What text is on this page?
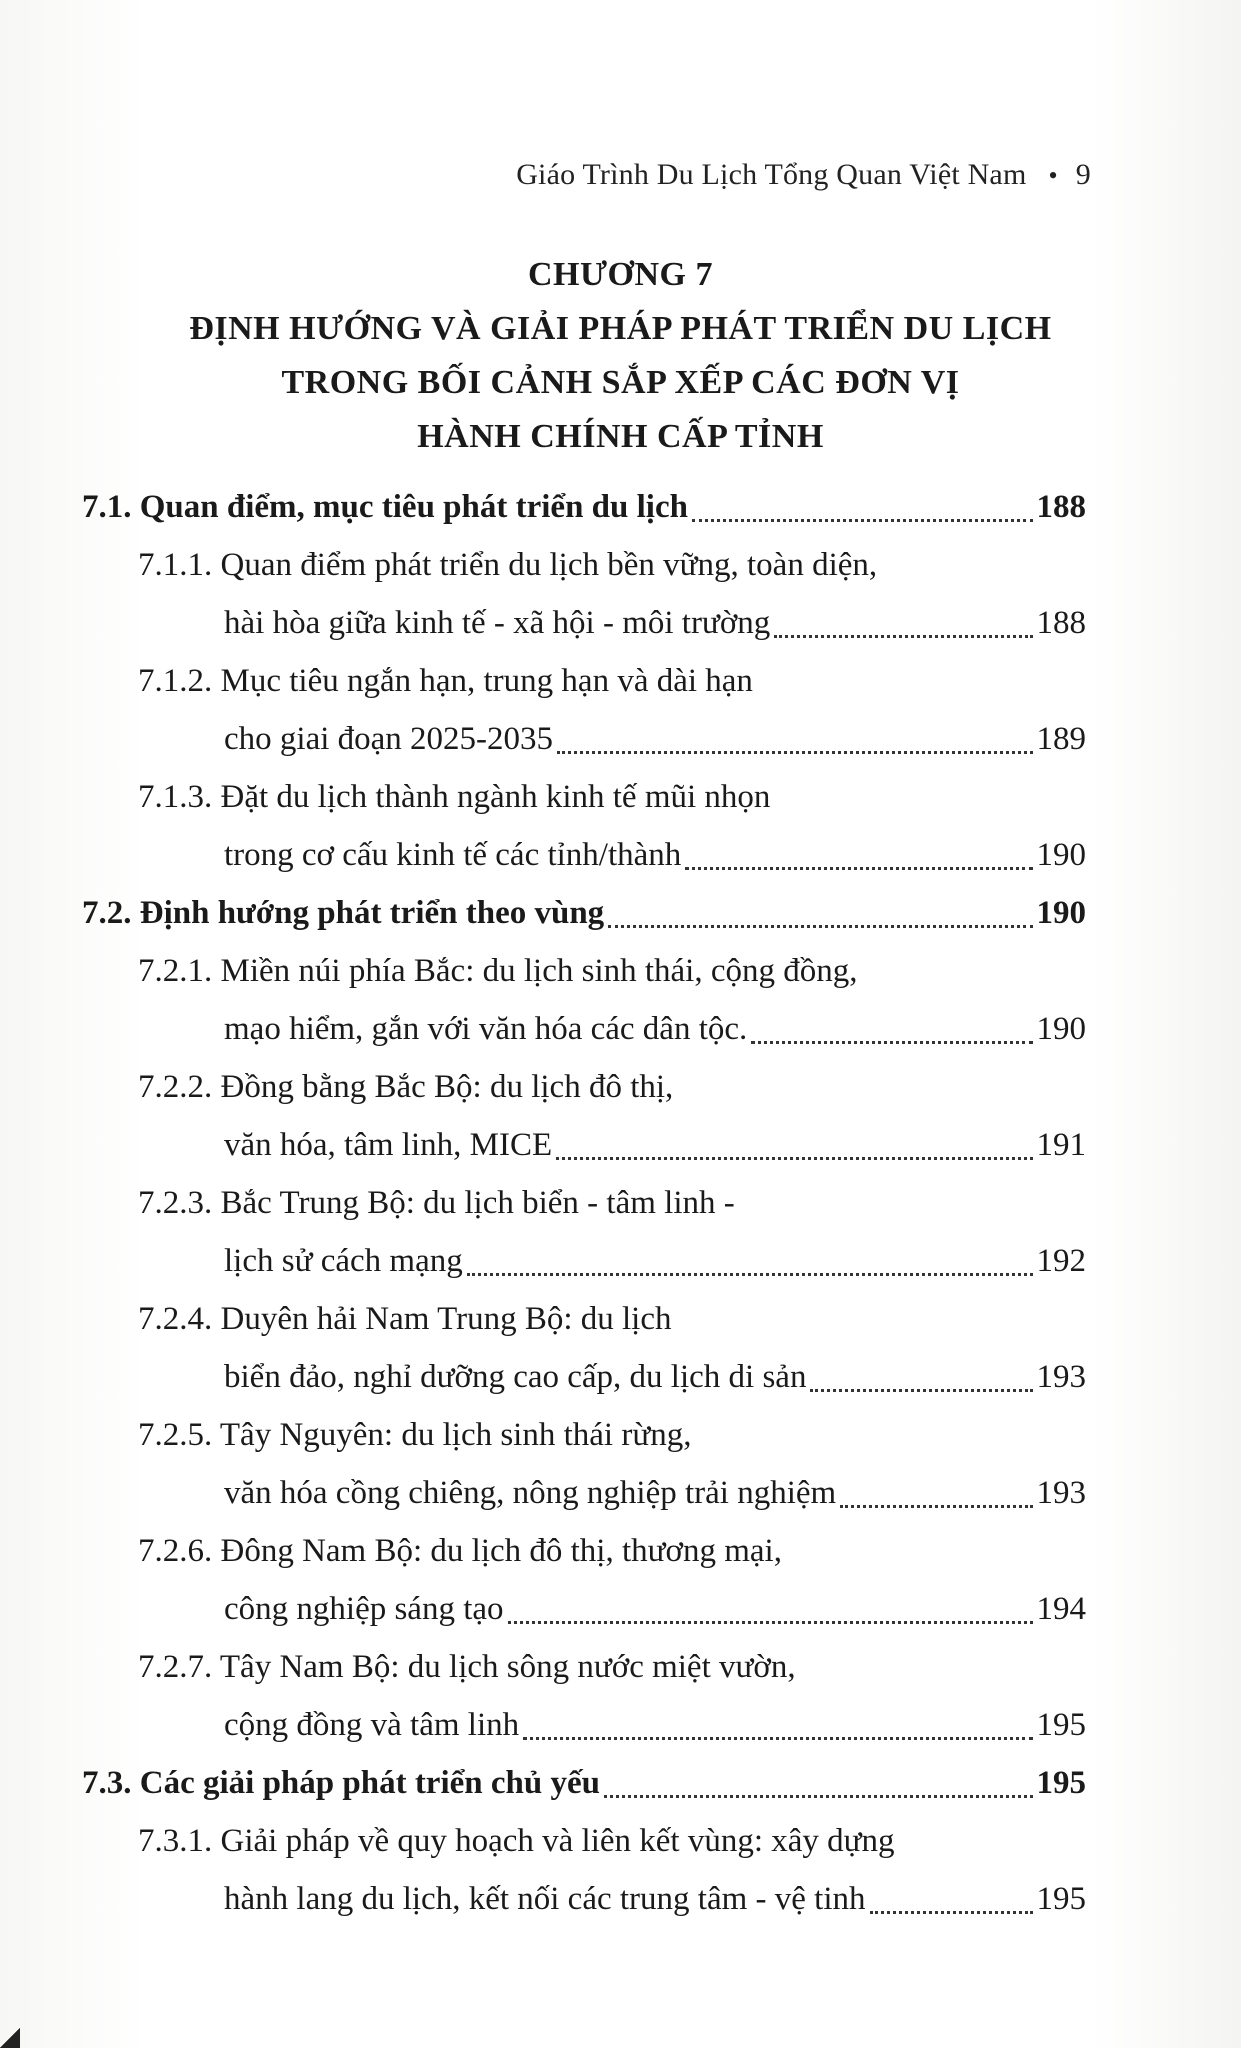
Giáo Trình Du Lịch Tổng Quan Việt Nam • 9
CHƯƠNG 7
ĐỊNH HƯỚNG VÀ GIẢI PHÁP PHÁT TRIỂN DU LỊCH
TRONG BỐI CẢNH SẮP XẾP CÁC ĐƠN VỊ
HÀNH CHÍNH CẤP TỈNH
7.1. Quan điểm, mục tiêu phát triển du lịch	188
7.1.1. Quan điểm phát triển du lịch bền vững, toàn diện,
hài hòa giữa kinh tế - xã hội - môi trường	188
7.1.2. Mục tiêu ngắn hạn, trung hạn và dài hạn
cho giai đoạn 2025-2035	189
7.1.3. Đặt du lịch thành ngành kinh tế mũi nhọn
trong cơ cấu kinh tế các tỉnh/thành	190
7.2. Định hướng phát triển theo vùng	190
7.2.1. Miền núi phía Bắc: du lịch sinh thái, cộng đồng,
mạo hiểm, gắn với văn hóa các dân tộc.	190
7.2.2. Đồng bằng Bắc Bộ: du lịch đô thị,
văn hóa, tâm linh, MICE	191
7.2.3. Bắc Trung Bộ: du lịch biển - tâm linh -
lịch sử cách mạng	192
7.2.4. Duyên hải Nam Trung Bộ: du lịch
biển đảo, nghỉ dưỡng cao cấp, du lịch di sản	193
7.2.5. Tây Nguyên: du lịch sinh thái rừng,
văn hóa cồng chiêng, nông nghiệp trải nghiệm	193
7.2.6. Đông Nam Bộ: du lịch đô thị, thương mại,
công nghiệp sáng tạo	194
7.2.7. Tây Nam Bộ: du lịch sông nước miệt vườn,
cộng đồng và tâm linh	195
7.3. Các giải pháp phát triển chủ yếu	195
7.3.1. Giải pháp về quy hoạch và liên kết vùng: xây dựng
hành lang du lịch, kết nối các trung tâm - vệ tinh	195
